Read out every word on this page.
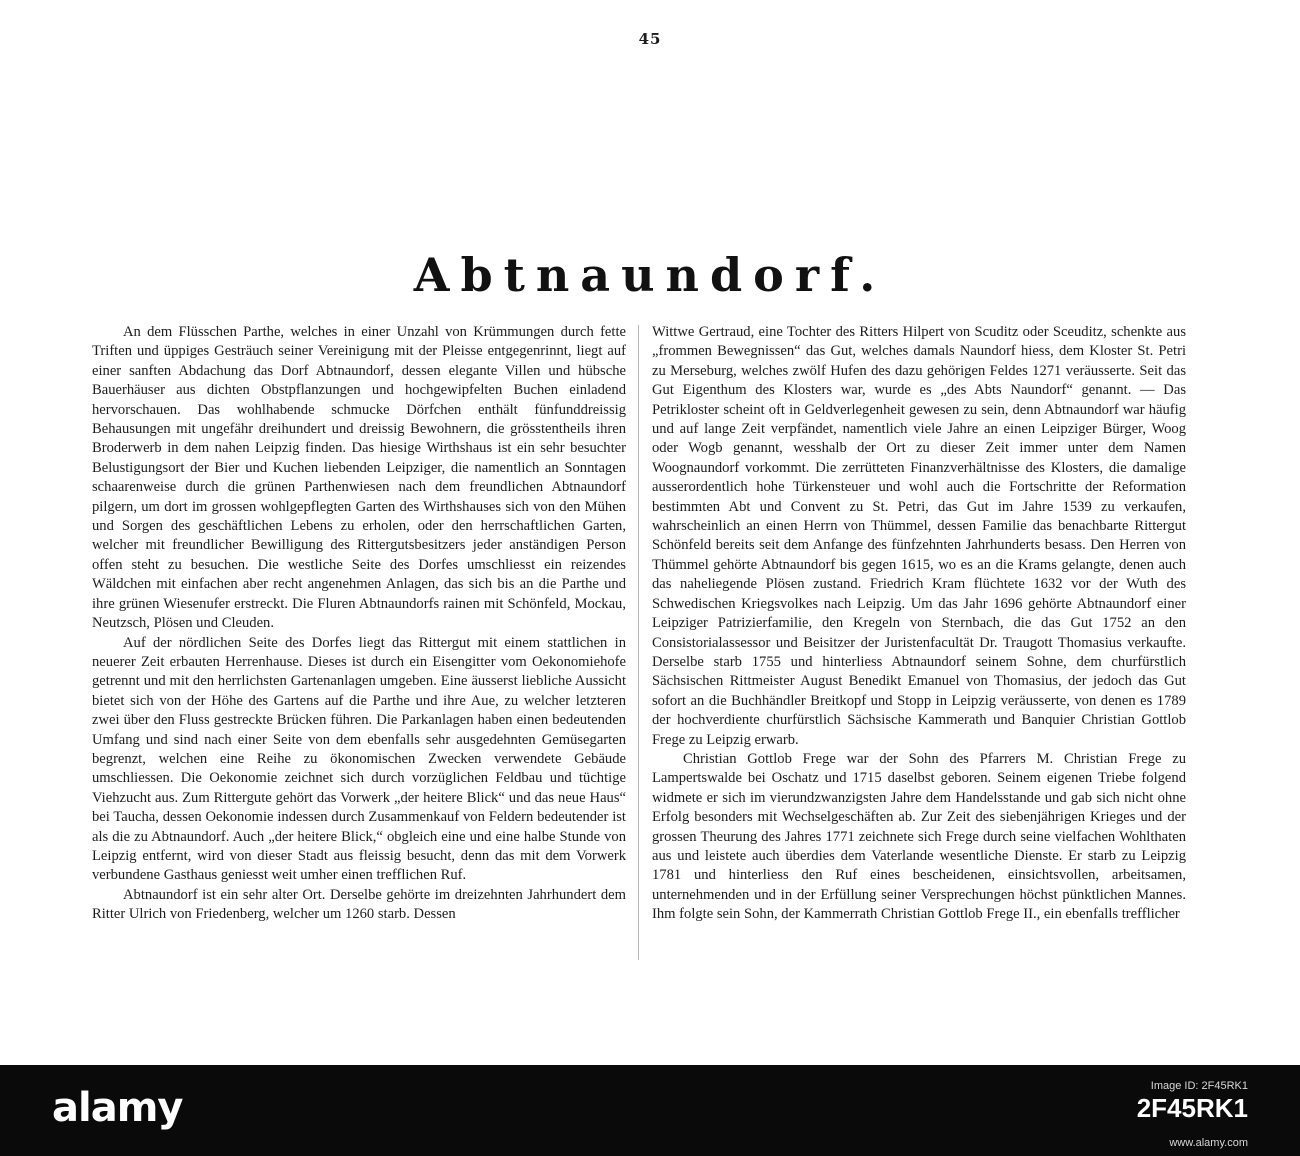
45
Abtnaundorf.

An dem Flüsschen Parthe, welches in einer Unzahl von Krümmungen durch fette Triften und üppiges Gesträuch seiner Vereinigung mit der Pleisse entgegenrinnt, liegt auf einer sanften Abdachung das Dorf Abtnaundorf, dessen elegante Villen und hübsche Bauerhäuser aus dichten Obstpflanzungen und hochgewipfelten Buchen einladend hervorschauen. Das wohlhabende schmucke Dörfchen enthält fünfunddreissig Behausungen mit ungefähr dreihundert und dreissig Bewohnern, die grösstentheils ihren Broderwerb in dem nahen Leipzig finden. Das hiesige Wirthshaus ist ein sehr besuchter Belustigungsort der Bier und Kuchen liebenden Leipziger, die namentlich an Sonntagen schaarenweise durch die grünen Parthenwiesen nach dem freundlichen Abtnaundorf pilgern, um dort im grossen wohlgepflegten Garten des Wirthshauses sich von den Mühen und Sorgen des geschäftlichen Lebens zu erholen, oder den herrschaftlichen Garten, welcher mit freundlicher Bewilligung des Rittergutsbesitzers jeder anständigen Person offen steht zu besuchen. Die westliche Seite des Dorfes umschliesst ein reizendes Wäldchen mit einfachen aber recht angenehmen Anlagen, das sich bis an die Parthe und ihre grünen Wiesenufer erstreckt. Die Fluren Abtnaundorfs rainen mit Schönfeld, Mockau, Neutzsch, Plösen und Cleuden.

Auf der nördlichen Seite des Dorfes liegt das Rittergut mit einem stattlichen in neuerer Zeit erbauten Herrenhause. Dieses ist durch ein Eisengitter vom Oekonomiehofe getrennt und mit den herrlichsten Gartenanlagen umgeben. Eine äusserst liebliche Aussicht bietet sich von der Höhe des Gartens auf die Parthe und ihre Aue, zu welcher letzteren zwei über den Fluss gestreckte Brücken führen. Die Parkanlagen haben einen bedeutenden Umfang und sind nach einer Seite von dem ebenfalls sehr ausgedehnten Gemüsegarten begrenzt, welchen eine Reihe zu ökonomischen Zwecken verwendete Gebäude umschliessen. Die Oekonomie zeichnet sich durch vorzüglichen Feldbau und tüchtige Viehzucht aus. Zum Rittergute gehört das Vorwerk „der heitere Blick“ und das neue Haus“ bei Taucha, dessen Oekonomie indessen durch Zusammenkauf von Feldern bedeutender ist als die zu Abtnaundorf. Auch „der heitere Blick,“ obgleich eine und eine halbe Stunde von Leipzig entfernt, wird von dieser Stadt aus fleissig besucht, denn das mit dem Vorwerk verbundene Gasthaus geniesst weit umher einen trefflichen Ruf.

Abtnaundorf ist ein sehr alter Ort. Derselbe gehörte im dreizehnten Jahrhundert dem Ritter Ulrich von Friedenberg, welcher um 1260 starb. Dessen

Wittwe Gertraud, eine Tochter des Ritters Hilpert von Scuditz oder Sceuditz, schenkte aus „frommen Bewegnissen“ das Gut, welches damals Naundorf hiess, dem Kloster St. Petri zu Merseburg, welches zwölf Hufen des dazu gehörigen Feldes 1271 veräusserte. Seit das Gut Eigenthum des Klosters war, wurde es „des Abts Naundorf“ genannt. — Das Petrikloster scheint oft in Geldverlegenheit gewesen zu sein, denn Abtnaundorf war häufig und auf lange Zeit verpfändet, namentlich viele Jahre an einen Leipziger Bürger, Woog oder Wogb genannt, wesshalb der Ort zu dieser Zeit immer unter dem Namen Woognaundorf vorkommt. Die zerrütteten Finanzverhältnisse des Klosters, die damalige ausserordentlich hohe Türkensteuer und wohl auch die Fortschritte der Reformation bestimmten Abt und Convent zu St. Petri, das Gut im Jahre 1539 zu verkaufen, wahrscheinlich an einen Herrn von Thümmel, dessen Familie das benachbarte Rittergut Schönfeld bereits seit dem Anfange des fünfzehnten Jahrhunderts besass. Den Herren von Thümmel gehörte Abtnaundorf bis gegen 1615, wo es an die Krams gelangte, denen auch das naheliegende Plösen zustand. Friedrich Kram flüchtete 1632 vor der Wuth des Schwedischen Kriegsvolkes nach Leipzig. Um das Jahr 1696 gehörte Abtnaundorf einer Leipziger Patrizierfamilie, den Kregeln von Sternbach, die das Gut 1752 an den Consistorialassessor und Beisitzer der Juristenfacultät Dr. Traugott Thomasius verkaufte. Derselbe starb 1755 und hinterliess Abtnaundorf seinem Sohne, dem churfürstlich Sächsischen Rittmeister August Benedikt Emanuel von Thomasius, der jedoch das Gut sofort an die Buchhändler Breitkopf und Stopp in Leipzig veräusserte, von denen es 1789 der hochverdiente churfürstlich Sächsische Kammerath und Banquier Christian Gottlob Frege zu Leipzig erwarb.

Christian Gottlob Frege war der Sohn des Pfarrers M. Christian Frege zu Lampertswalde bei Oschatz und 1715 daselbst geboren. Seinem eigenen Triebe folgend widmete er sich im vierundzwanzigsten Jahre dem Handelsstande und gab sich nicht ohne Erfolg besonders mit Wechselgeschäften ab. Zur Zeit des siebenjährigen Krieges und der grossen Theurung des Jahres 1771 zeichnete sich Frege durch seine vielfachen Wohlthaten aus und leistete auch überdies dem Vaterlande wesentliche Dienste. Er starb zu Leipzig 1781 und hinterliess den Ruf eines bescheidenen, einsichtsvollen, arbeitsamen, unternehmenden und in der Erfüllung seiner Versprechungen höchst pünktlichen Mannes. Ihm folgte sein Sohn, der Kammerrath Christian Gottlob Frege II., ein ebenfalls trefflicher

alamy	Image ID: 2F45RK1
2F45RK1
www.alamy.com
